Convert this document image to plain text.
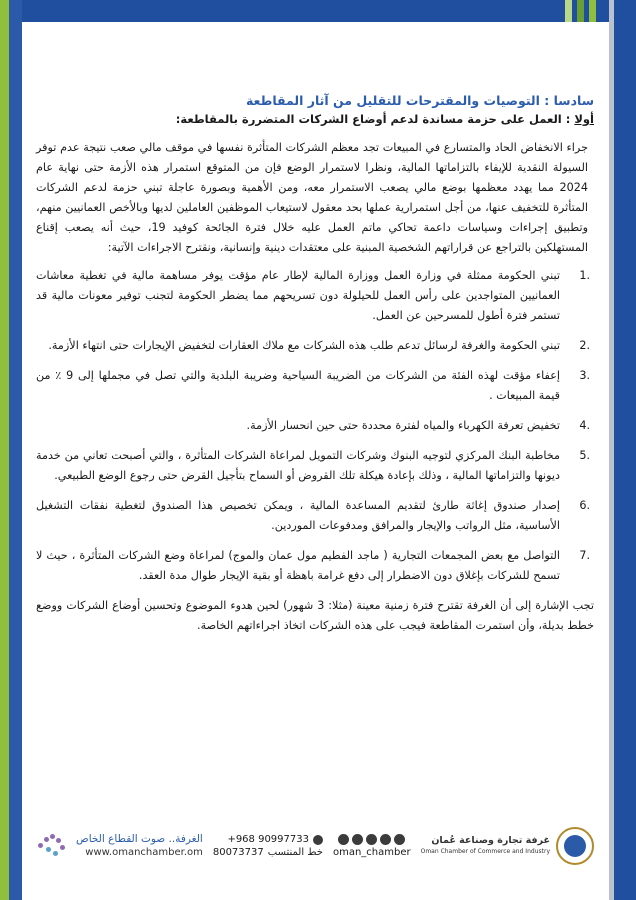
سادسا : التوصيات والمقترحات للتقليل من آثار المقاطعة

أولا : العمل على حزمة مساندة لدعم أوضاع الشركات المتضررة بالمقاطعة:

جراء الانخفاض الحاد والمتسارع في المبيعات تجد معظم الشركات المتأثرة نفسها في موقف مالي صعب نتيجة عدم توفر السيولة النقدية للإيفاء بالتزاماتها المالية، ونظرا لاستمرار الوضع فإن من المتوقع استمرار هذه الأزمة حتى نهاية عام 2024 مما يهدد معظمها بوضع مالي يصعب الاستمرار معه، ومن الأهمية وبصورة عاجلة تبني حزمة لدعم الشركات المتأثرة للتخفيف عنها، من أجل استمرارية عملها بحد معقول لاستيعاب الموظفين العاملين لديها وبالأخص العمانيين منهم، وتطبيق إجراءات وسياسات داعمة تحاكي ماتم العمل عليه خلال فترة الجائحة كوفيد 19، حيث أنه يصعب إقناع المستهلكين بالتراجع عن قراراتهم الشخصية المبنية على معتقدات دينية وإنسانية، ونقترح الاجراءات الآتية:

.1
تبني الحكومة ممثلة في وزارة العمل ووزارة المالية لإطار عام مؤقت يوفر مساهمة مالية في تغطية معاشات العمانيين المتواجدين على رأس العمل للحيلولة دون تسريحهم مما يضطر الحكومة لتجنب توفير معونات مالية قد تستمر فترة أطول للمسرحين عن العمل.
.2
تبني الحكومة والغرفة لرسائل تدعم طلب هذه الشركات مع ملاك العقارات لتخفيض الإيجارات حتى انتهاء الأزمة.
.3
إعفاء مؤقت لهذه الفئة من الشركات من الضريبة السياحية وضريبة البلدية والتي تصل في مجملها إلى 9 ٪ من قيمة المبيعات .
.4
تخفيض تعرفة الكهرباء والمياه لفترة محددة حتى حين انحسار الأزمة.
.5
مخاطبة البنك المركزي لتوجيه البنوك وشركات التمويل لمراعاة الشركات المتأثرة ، والتي أصبحت تعاني من خدمة ديونها والتزاماتها المالية ، وذلك بإعادة هيكلة تلك القروض أو السماح بتأجيل القرض حتى رجوع الوضع الطبيعي.
.6
إصدار صندوق إغاثة طارئ لتقديم المساعدة المالية ، ويمكن تخصيص هذا الصندوق لتغطية نفقات التشغيل الأساسية، مثل الرواتب والإيجار والمرافق ومدفوعات الموردين.
.7
التواصل مع بعض المجمعات التجارية ( ماجد الفطيم مول عمان والموج) لمراعاة وضع الشركات المتأثرة ، حيث لا تسمح للشركات بإغلاق دون الاضطرار إلى دفع غرامة باهظة أو بقية الإيجار طوال مدة العقد.

تجب الإشارة إلى أن الغرفة تقترح فترة زمنية معينة (مثلا: 3 شهور) لحين هدوء الموضوع وتحسين أوضاع الشركات ووضع خطط بديلة، وأن استمرت المقاطعة فيجب على هذه الشركات اتخاذ اجراءاتهم الخاصة.

غرفة تجارة وصناعة عُمان
Oman Chamber of Commerce and Industry
oman_chamber
+968 90997733
خط المنتسب
80073737
الغرفة.. صوت القطاع الخاص
www.omanchamber.om
